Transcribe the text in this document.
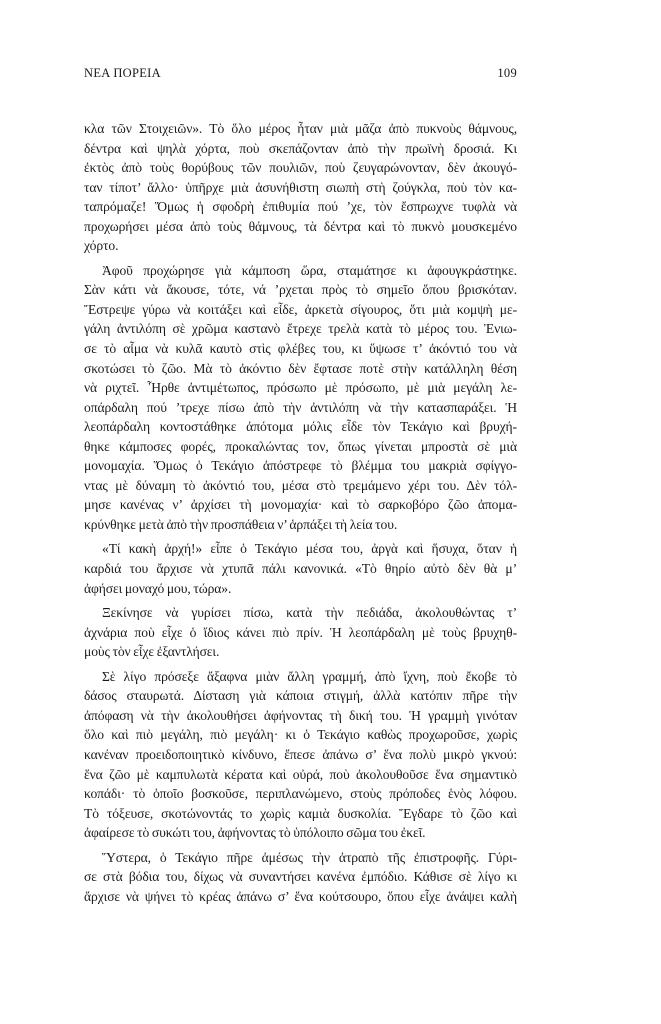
ΝΕΑ ΠΟΡΕΙΑ	109

κλα τῶν Στοιχειῶν». Τὸ ὅλο μέρος ἦταν μιὰ μᾶζα ἀπὸ πυκνοὺς θάμνους,
δέντρα καὶ ψηλὰ χόρτα, ποὺ σκεπάζονταν ἀπὸ τὴν πρωϊνὴ δροσιά. Κι
ἐκτὸς ἀπὸ τοὺς θορύβους τῶν πουλιῶν, ποὺ ζευγαρώνονταν, δὲν ἀκουγό-
ταν τίποτ’ ἄλλο· ὑπῆρχε μιὰ ἀσυνήθιστη σιωπὴ στὴ ζούγκλα, ποὺ τὸν κα-
ταπρόμαζε! Ὅμως ἡ σφοδρὴ ἐπιθυμία πού ’χε, τὸν ἔσπρωχνε τυφλὰ νὰ
προχωρήσει μέσα ἀπὸ τοὺς θάμνους, τὰ δέντρα καὶ τὸ πυκνὸ μουσκεμένο
χόρτο.

Ἀφοῦ προχώρησε γιὰ κάμποση ὥρα, σταμάτησε κι ἀφουγκράστηκε.
Σὰν κάτι νὰ ἄκουσε, τότε, νά ’ρχεται πρὸς τὸ σημεῖο ὅπου βρισκόταν.
Ἔστρεψε γύρω νὰ κοιτάξει καὶ εἶδε, ἀρκετὰ σίγουρος, ὅτι μιὰ κομψὴ με-
γάλη ἀντιλόπη σὲ χρῶμα καστανὸ ἔτρεχε τρελὰ κατὰ τὸ μέρος του. Ἐνιω-
σε τὸ αἷμα νὰ κυλᾶ καυτὸ στὶς φλέβες του, κι ὕψωσε τ’ ἀκόντιό του νὰ
σκοτώσει τὸ ζῶο. Μὰ τὸ ἀκόντιο δὲν ἔφτασε ποτὲ στὴν κατάλληλη θέση
νὰ ριχτεῖ. Ἦρθε ἀντιμέτωπος, πρόσωπο μὲ πρόσωπο, μὲ μιὰ μεγάλη λε-
οπάρδαλη πού ’τρεχε πίσω ἀπὸ τὴν ἀντιλόπη νὰ τὴν κατασπαράξει. Ἡ
λεοπάρδαλη κοντοστάθηκε ἀπότομα μόλις εἶδε τὸν Τεκάγιο καὶ βρυχή-
θηκε κάμποσες φορές, προκαλώντας τον, ὅπως γίνεται μπροστὰ σὲ μιὰ
μονομαχία. Ὅμως ὁ Τεκάγιο ἀπόστρεφε τὸ βλέμμα του μακριὰ σφίγγο-
ντας μὲ δύναμη τὸ ἀκόντιό του, μέσα στὸ τρεμάμενο χέρι του. Δὲν τόλ-
μησε κανένας ν’ ἀρχίσει τὴ μονομαχία· καὶ τὸ σαρκοβόρο ζῶο ἀπομα-
κρύνθηκε μετὰ ἀπὸ τὴν προσπάθεια ν’ ἁρπάξει τὴ λεία του.

«Τί κακὴ ἀρχή!» εἶπε ὁ Τεκάγιο μέσα του, ἀργὰ καὶ ἥσυχα, ὅταν ἡ
καρδιά του ἄρχισε νὰ χτυπᾶ πάλι κανονικά. «Τὸ θηρίο αὐτὸ δὲν θὰ μ’
ἀφήσει μοναχό μου, τώρα».

Ξεκίνησε νὰ γυρίσει πίσω, κατὰ τὴν πεδιάδα, ἀκολουθώντας τ’
ἀχνάρια ποὺ εἶχε ὁ ἴδιος κάνει πιὸ πρίν. Ἡ λεοπάρδαλη μὲ τοὺς βρυχηθ-
μοὺς τὸν εἶχε ἐξαντλήσει.

Σὲ λίγο πρόσεξε ἄξαφνα μιὰν ἄλλη γραμμή, ἀπὸ ἴχνη, ποὺ ἔκοβε τὸ
δάσος σταυρωτά. Δίσταση γιὰ κάποια στιγμή, ἀλλὰ κατόπιν πῆρε τὴν
ἀπόφαση νὰ τὴν ἀκολουθήσει ἀφήνοντας τὴ δική του. Ἡ γραμμὴ γινόταν
ὅλο καὶ πιὸ μεγάλη, πιὸ μεγάλη· κι ὁ Τεκάγιο καθὼς προχωροῦσε, χωρὶς
κανέναν προειδοποιητικὸ κίνδυνο, ἔπεσε ἀπάνω σ’ ἕνα πολὺ μικρὸ γκνού:
ἕνα ζῶο μὲ καμπυλωτὰ κέρατα καὶ οὐρά, ποὺ ἀκολουθοῦσε ἕνα σημαντικὸ
κοπάδι· τὸ ὁποῖο βοσκοῦσε, περιπλανώμενο, στοὺς πρόποδες ἑνὸς λόφου.
Τὸ τόξευσε, σκοτώνοντάς το χωρὶς καμιὰ δυσκολία. Ἔγδαρε τὸ ζῶο καὶ
ἀφαίρεσε τὸ συκώτι του, ἀφήνοντας τὸ ὑπόλοιπο σῶμα του ἐκεῖ.

Ὕστερα, ὁ Τεκάγιο πῆρε ἀμέσως τὴν ἀτραπὸ τῆς ἐπιστροφῆς. Γύρι-
σε στὰ βόδια του, δίχως νὰ συναντήσει κανένα ἐμπόδιο. Κάθισε σὲ λίγο κι
ἄρχισε νὰ ψήνει τὸ κρέας ἀπάνω σ’ ἕνα κούτσουρο, ὅπου εἶχε ἀνάψει καλὴ
